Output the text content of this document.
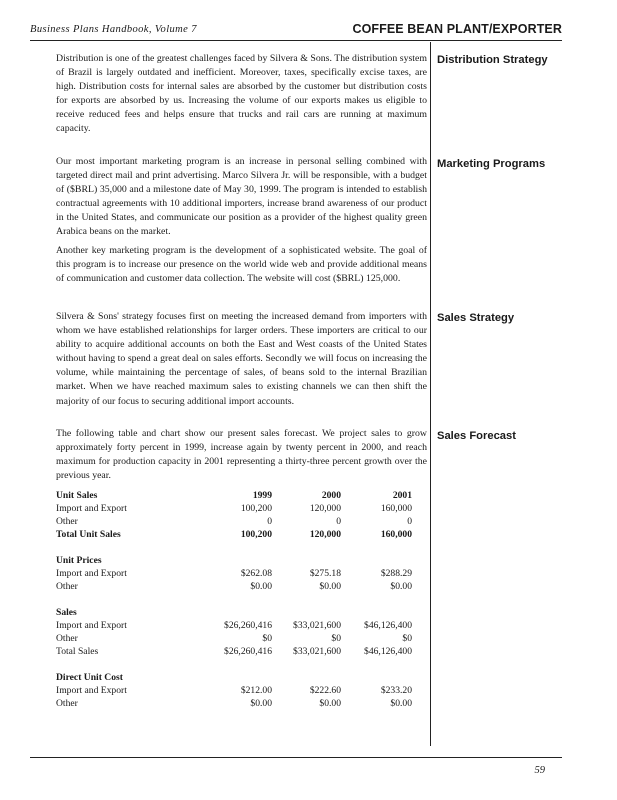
Business Plans Handbook, Volume 7	COFFEE BEAN PLANT/EXPORTER

Distribution is one of the greatest challenges faced by Silvera & Sons. The distribution system of Brazil is largely outdated and inefficient. Moreover, taxes, specifically excise taxes, are high. Distribution costs for internal sales are absorbed by the customer but distribution costs for exports are absorbed by us. Increasing the volume of our exports makes us eligible to receive reduced fees and helps ensure that trucks and rail cars are running at maximum capacity.

Distribution Strategy

Our most important marketing program is an increase in personal selling combined with targeted direct mail and print advertising. Marco Silvera Jr. will be responsible, with a budget of ($BRL) 35,000 and a milestone date of May 30, 1999. The program is intended to establish contractual agreements with 10 additional importers, increase brand awareness of our product in the United States, and communicate our position as a provider of the highest quality green Arabica beans on the market.

Another key marketing program is the development of a sophisticated website. The goal of this program is to increase our presence on the world wide web and provide additional means of communication and customer data collection. The website will cost ($BRL) 125,000.

Marketing Programs

Silvera & Sons' strategy focuses first on meeting the increased demand from importers with whom we have established relationships for larger orders. These importers are critical to our ability to acquire additional accounts on both the East and West coasts of the United States without having to spend a great deal on sales efforts. Secondly we will focus on increasing the volume, while maintaining the percentage of sales, of beans sold to the internal Brazilian market. When we have reached maximum sales to existing channels we can then shift the majority of our focus to securing additional import accounts.

Sales Strategy

The following table and chart show our present sales forecast. We project sales to grow approximately forty percent in 1999, increase again by twenty percent in 2000, and reach maximum for production capacity in 2001 representing a thirty-three percent growth over the previous year.

Sales Forecast

Unit Sales	1999	2000	2001
Import and Export	100,200	120,000	160,000
Other	0	0	0
Total Unit Sales	100,200	120,000	160,000

Unit Prices			
Import and Export	$262.08	$275.18	$288.29
Other	$0.00	$0.00	$0.00

Sales			
Import and Export	$26,260,416	$33,021,600	$46,126,400
Other	$0	$0	$0
Total Sales	$26,260,416	$33,021,600	$46,126,400

Direct Unit Cost			
Import and Export	$212.00	$222.60	$233.20
Other	$0.00	$0.00	$0.00
59
